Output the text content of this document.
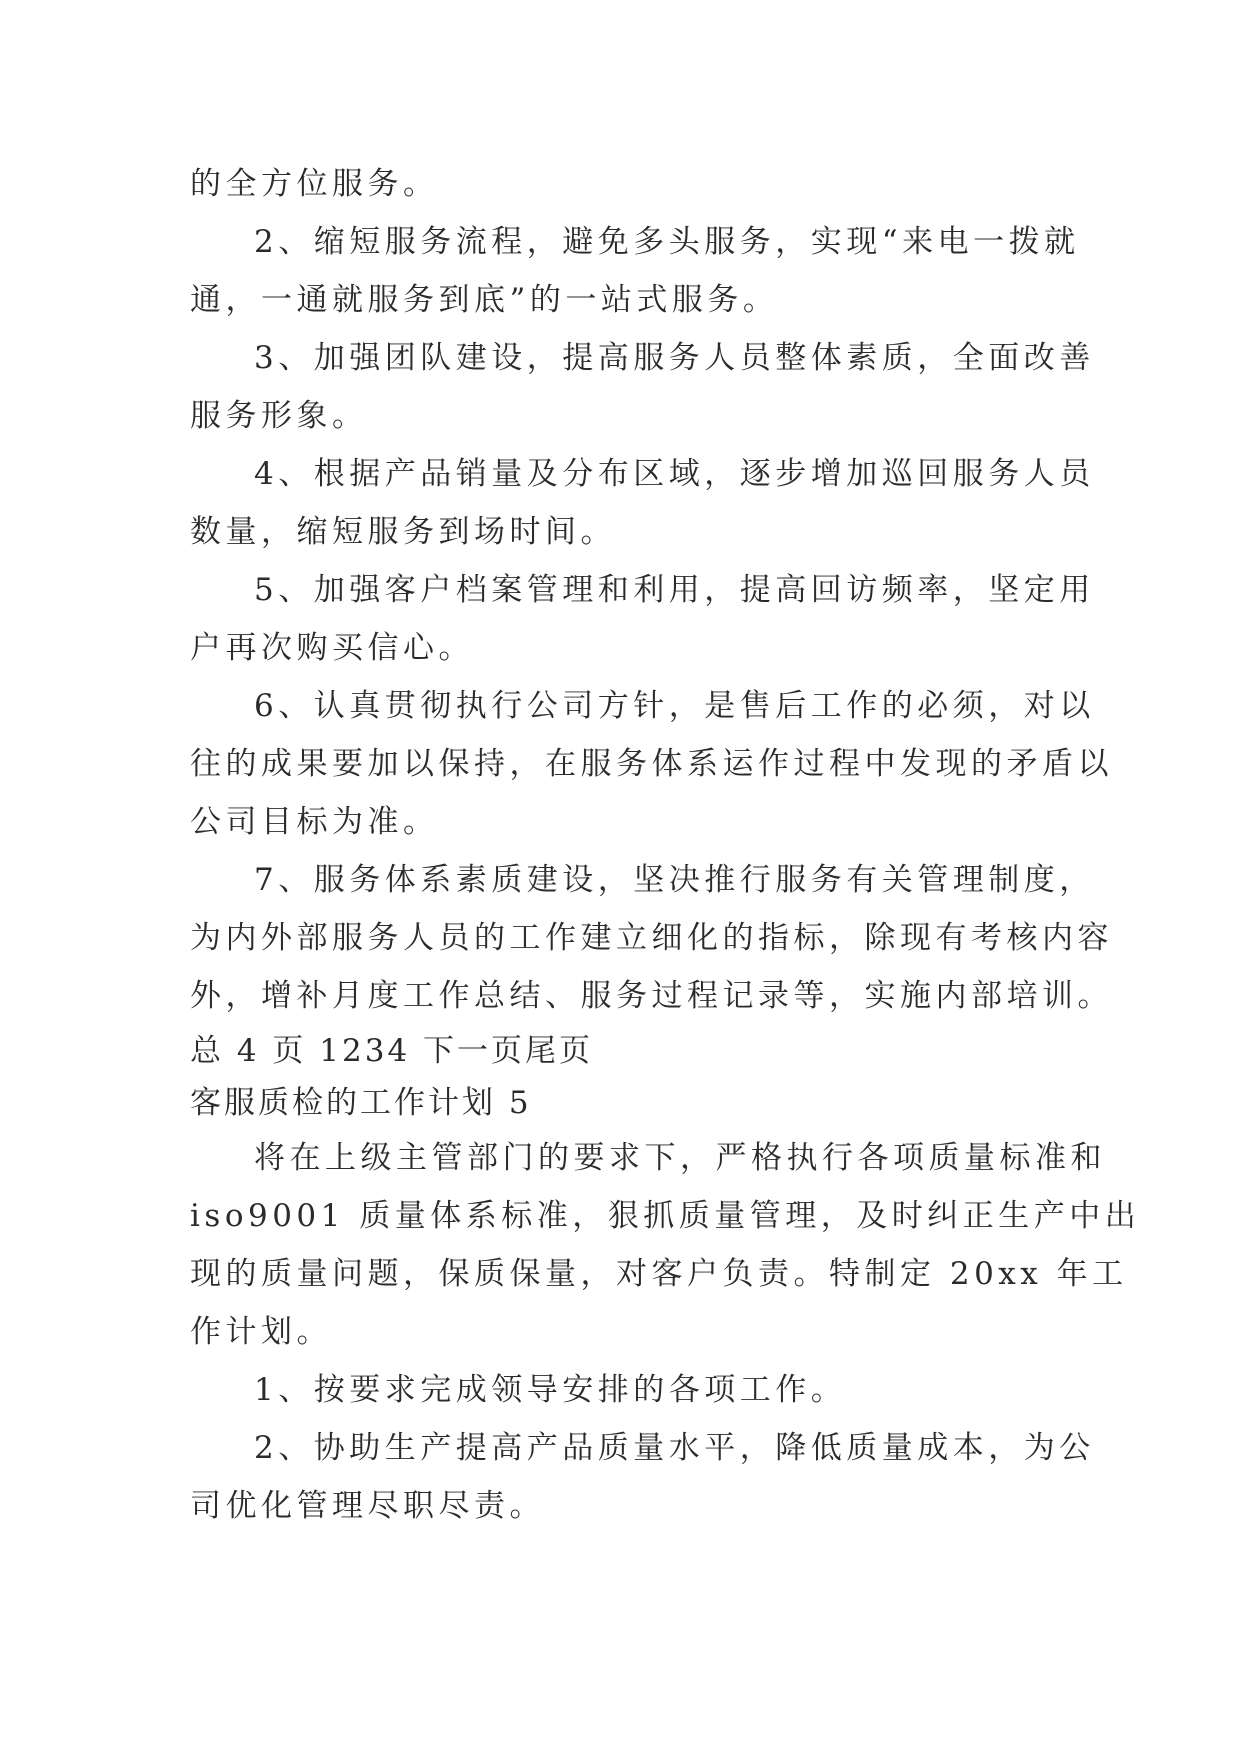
的全方位服务。
2、缩短服务流程，避免多头服务，实现“来电一拨就
通，一通就服务到底”的一站式服务。
3、加强团队建设，提高服务人员整体素质，全面改善
服务形象。
4、根据产品销量及分布区域，逐步增加巡回服务人员
数量，缩短服务到场时间。
5、加强客户档案管理和利用，提高回访频率，坚定用
户再次购买信心。
6、认真贯彻执行公司方针，是售后工作的必须，对以
往的成果要加以保持，在服务体系运作过程中发现的矛盾以
公司目标为准。
7、服务体系素质建设，坚决推行服务有关管理制度，
为内外部服务人员的工作建立细化的指标，除现有考核内容
外，增补月度工作总结、服务过程记录等，实施内部培训。
总 4 页 1234 下一页尾页
客服质检的工作计划 5
将在上级主管部门的要求下，严格执行各项质量标准和
iso9001 质量体系标准，狠抓质量管理，及时纠正生产中出
现的质量问题，保质保量，对客户负责。特制定 20xx 年工
作计划。
1、按要求完成领导安排的各项工作。
2、协助生产提高产品质量水平，降低质量成本，为公
司优化管理尽职尽责。
